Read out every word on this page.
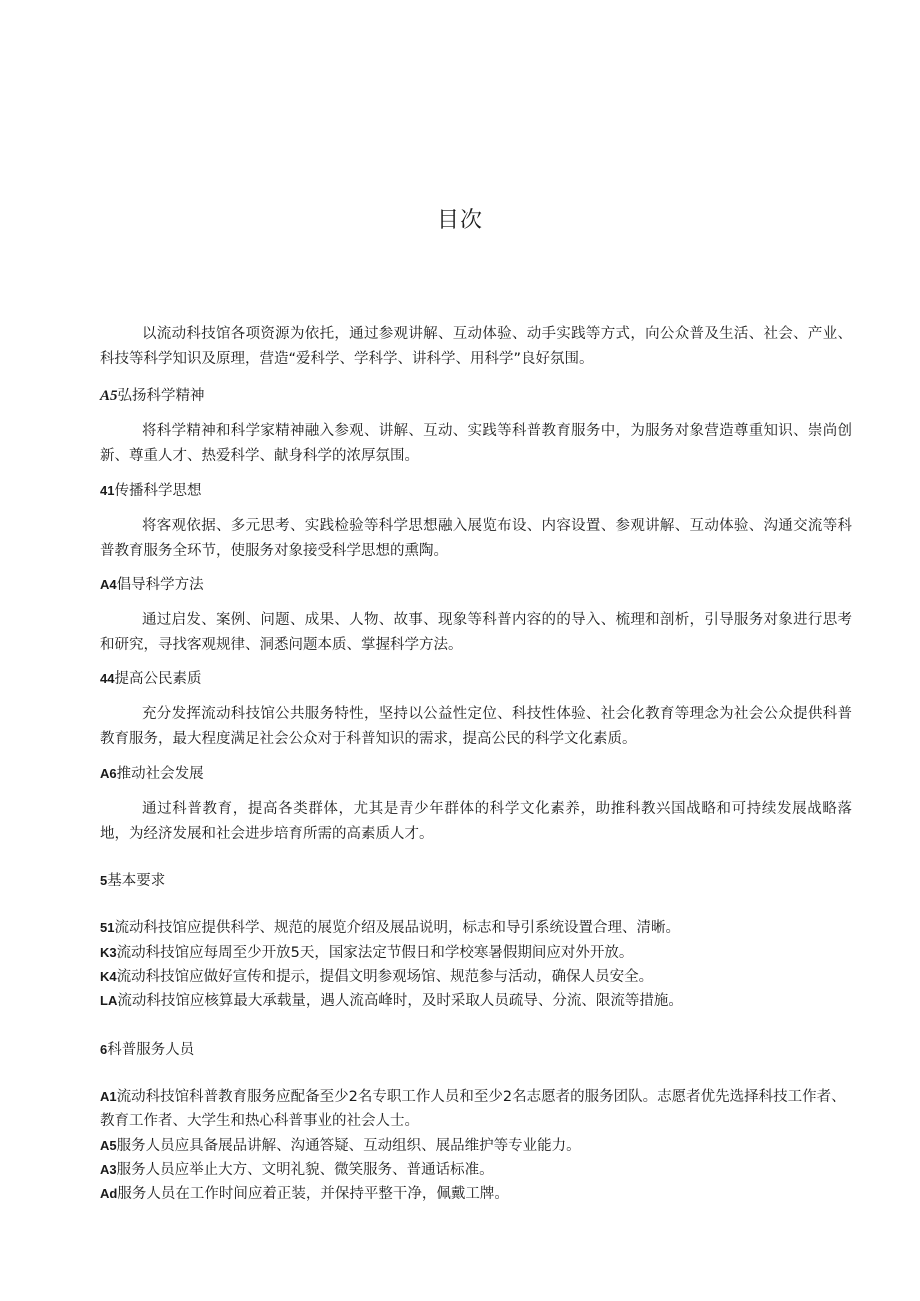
目次
以流动科技馆各项资源为依托，通过参观讲解、互动体验、动手实践等方式，向公众普及生活、社会、产业、科技等科学知识及原理，营造“爱科学、学科学、讲科学、用科学”良好氛围。
A5弘扬科学精神
将科学精神和科学家精神融入参观、讲解、互动、实践等科普教育服务中，为服务对象营造尊重知识、崇尚创新、尊重人才、热爱科学、献身科学的浓厚氛围。
41传播科学思想
将客观依据、多元思考、实践检验等科学思想融入展览布设、内容设置、参观讲解、互动体验、沟通交流等科普教育服务全环节，使服务对象接受科学思想的熏陶。
A4倡导科学方法
通过启发、案例、问题、成果、人物、故事、现象等科普内容的的导入、梳理和剖析，引导服务对象进行思考和研究，寻找客观规律、洞悉问题本质、掌握科学方法。
44提高公民素质
充分发挥流动科技馆公共服务特性，坚持以公益性定位、科技性体验、社会化教育等理念为社会公众提供科普教育服务，最大程度满足社会公众对于科普知识的需求，提高公民的科学文化素质。
A6推动社会发展
通过科普教育，提高各类群体，尤其是青少年群体的科学文化素养，助推科教兴国战略和可持续发展战略落地，为经济发展和社会进步培育所需的高素质人才。
5基本要求
51流动科技馆应提供科学、规范的展览介绍及展品说明，标志和导引系统设置合理、清晰。
K3流动科技馆应每周至少开放5天，国家法定节假日和学校寒暑假期间应对外开放。
K4流动科技馆应做好宣传和提示，提倡文明参观场馆、规范参与活动，确保人员安全。
LA流动科技馆应核算最大承载量，遇人流高峰时，及时采取人员疏导、分流、限流等措施。
6科普服务人员
A1流动科技馆科普教育服务应配备至少2名专职工作人员和至少2名志愿者的服务团队。志愿者优先选择科技工作者、教育工作者、大学生和热心科普事业的社会人士。
A5服务人员应具备展品讲解、沟通答疑、互动组织、展品维护等专业能力。
A3服务人员应举止大方、文明礼貌、微笑服务、普通话标准。
Ad服务人员在工作时间应着正装，并保持平整干净，佩戴工牌。
